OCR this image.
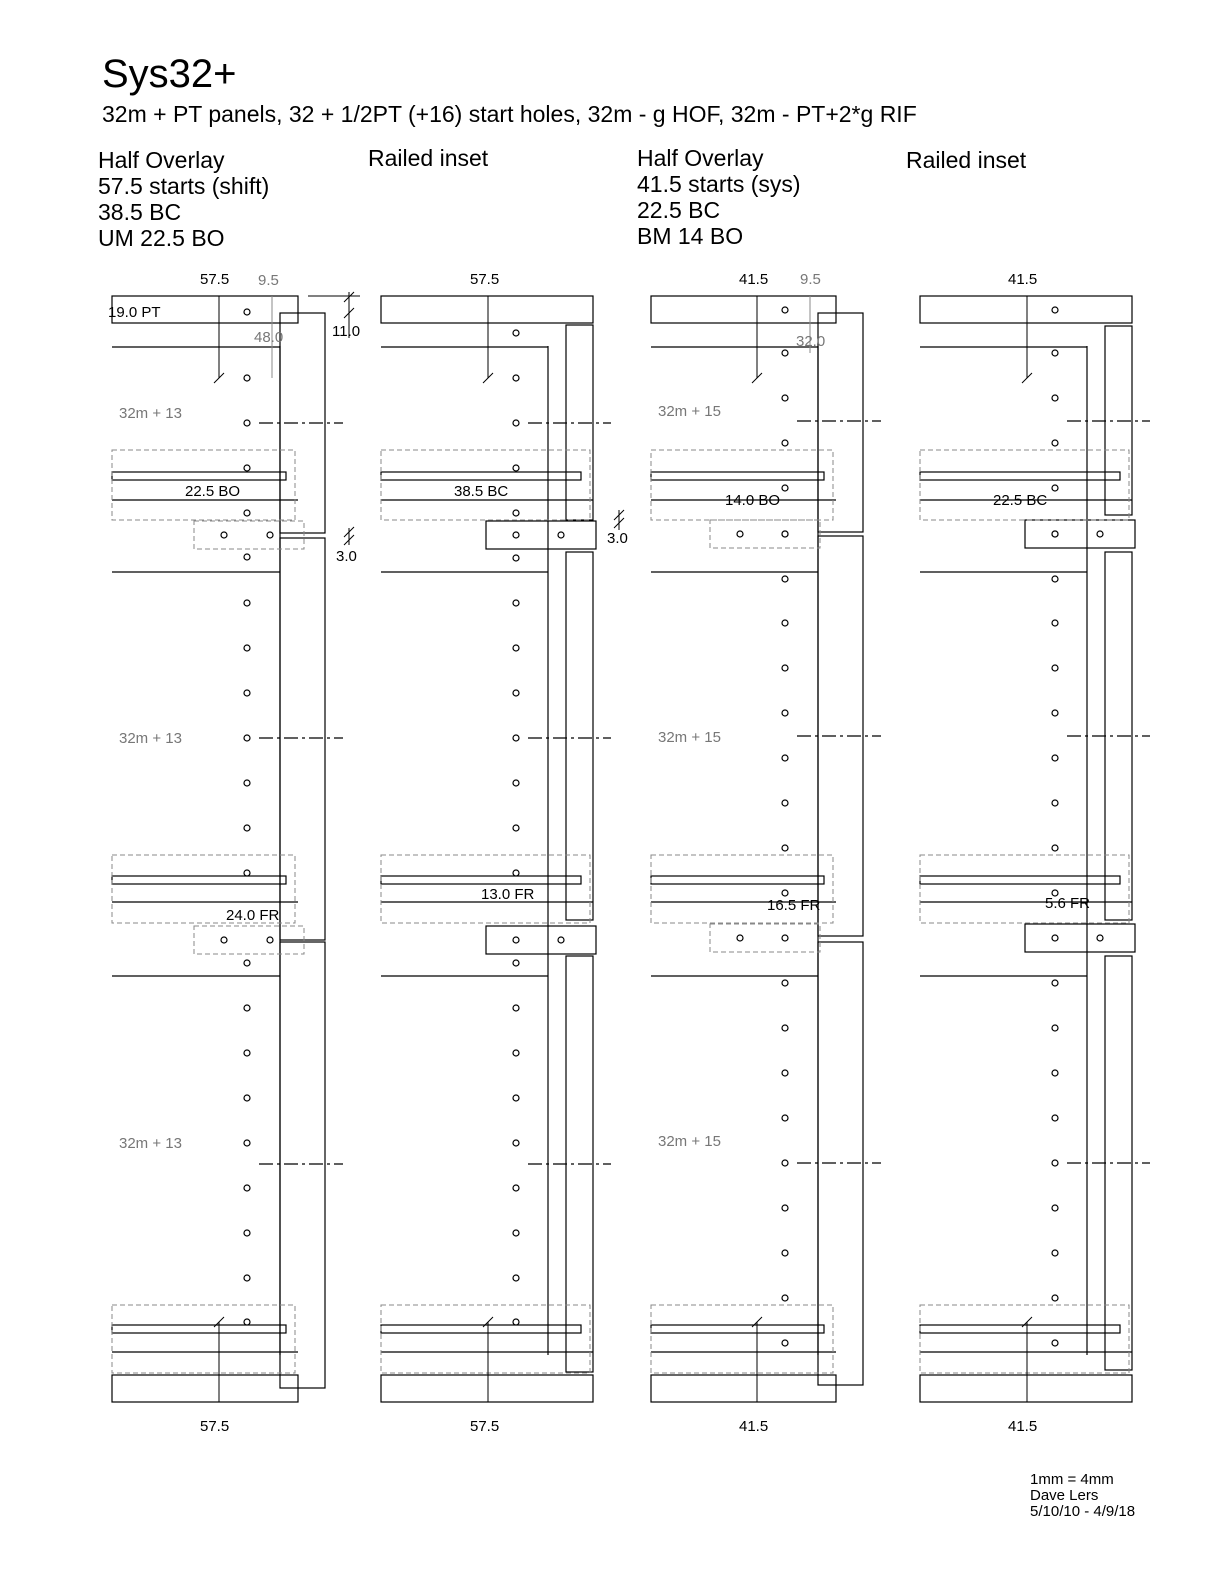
Sys32+
32m + PT panels, 32 + 1/2PT (+16) start holes, 32m - g HOF, 32m - PT+2*g RIF
Half Overlay
57.5 starts (shift)
38.5 BC
UM 22.5 BO
Railed inset	Half Overlay
41.5 starts (sys)
22.5 BC
BM 14 BO
Railed inset
57.5 9.5
19.0 PT
48.0	11.0
3.0
22.5 BO
24.0 FR
57.5
57.5
38.5 BC
13.0 FR
3.0
57.5
41.5 9.5
32.0
14.0 BO
16.5 FR
41.5
41.5
22.5 BC
5.6 FR
41.5
32m + 13
32m + 13
32m + 13
32m + 15
32m + 15
32m + 15
1mm = 4mm
Dave Lers
5/10/10 - 4/9/18
